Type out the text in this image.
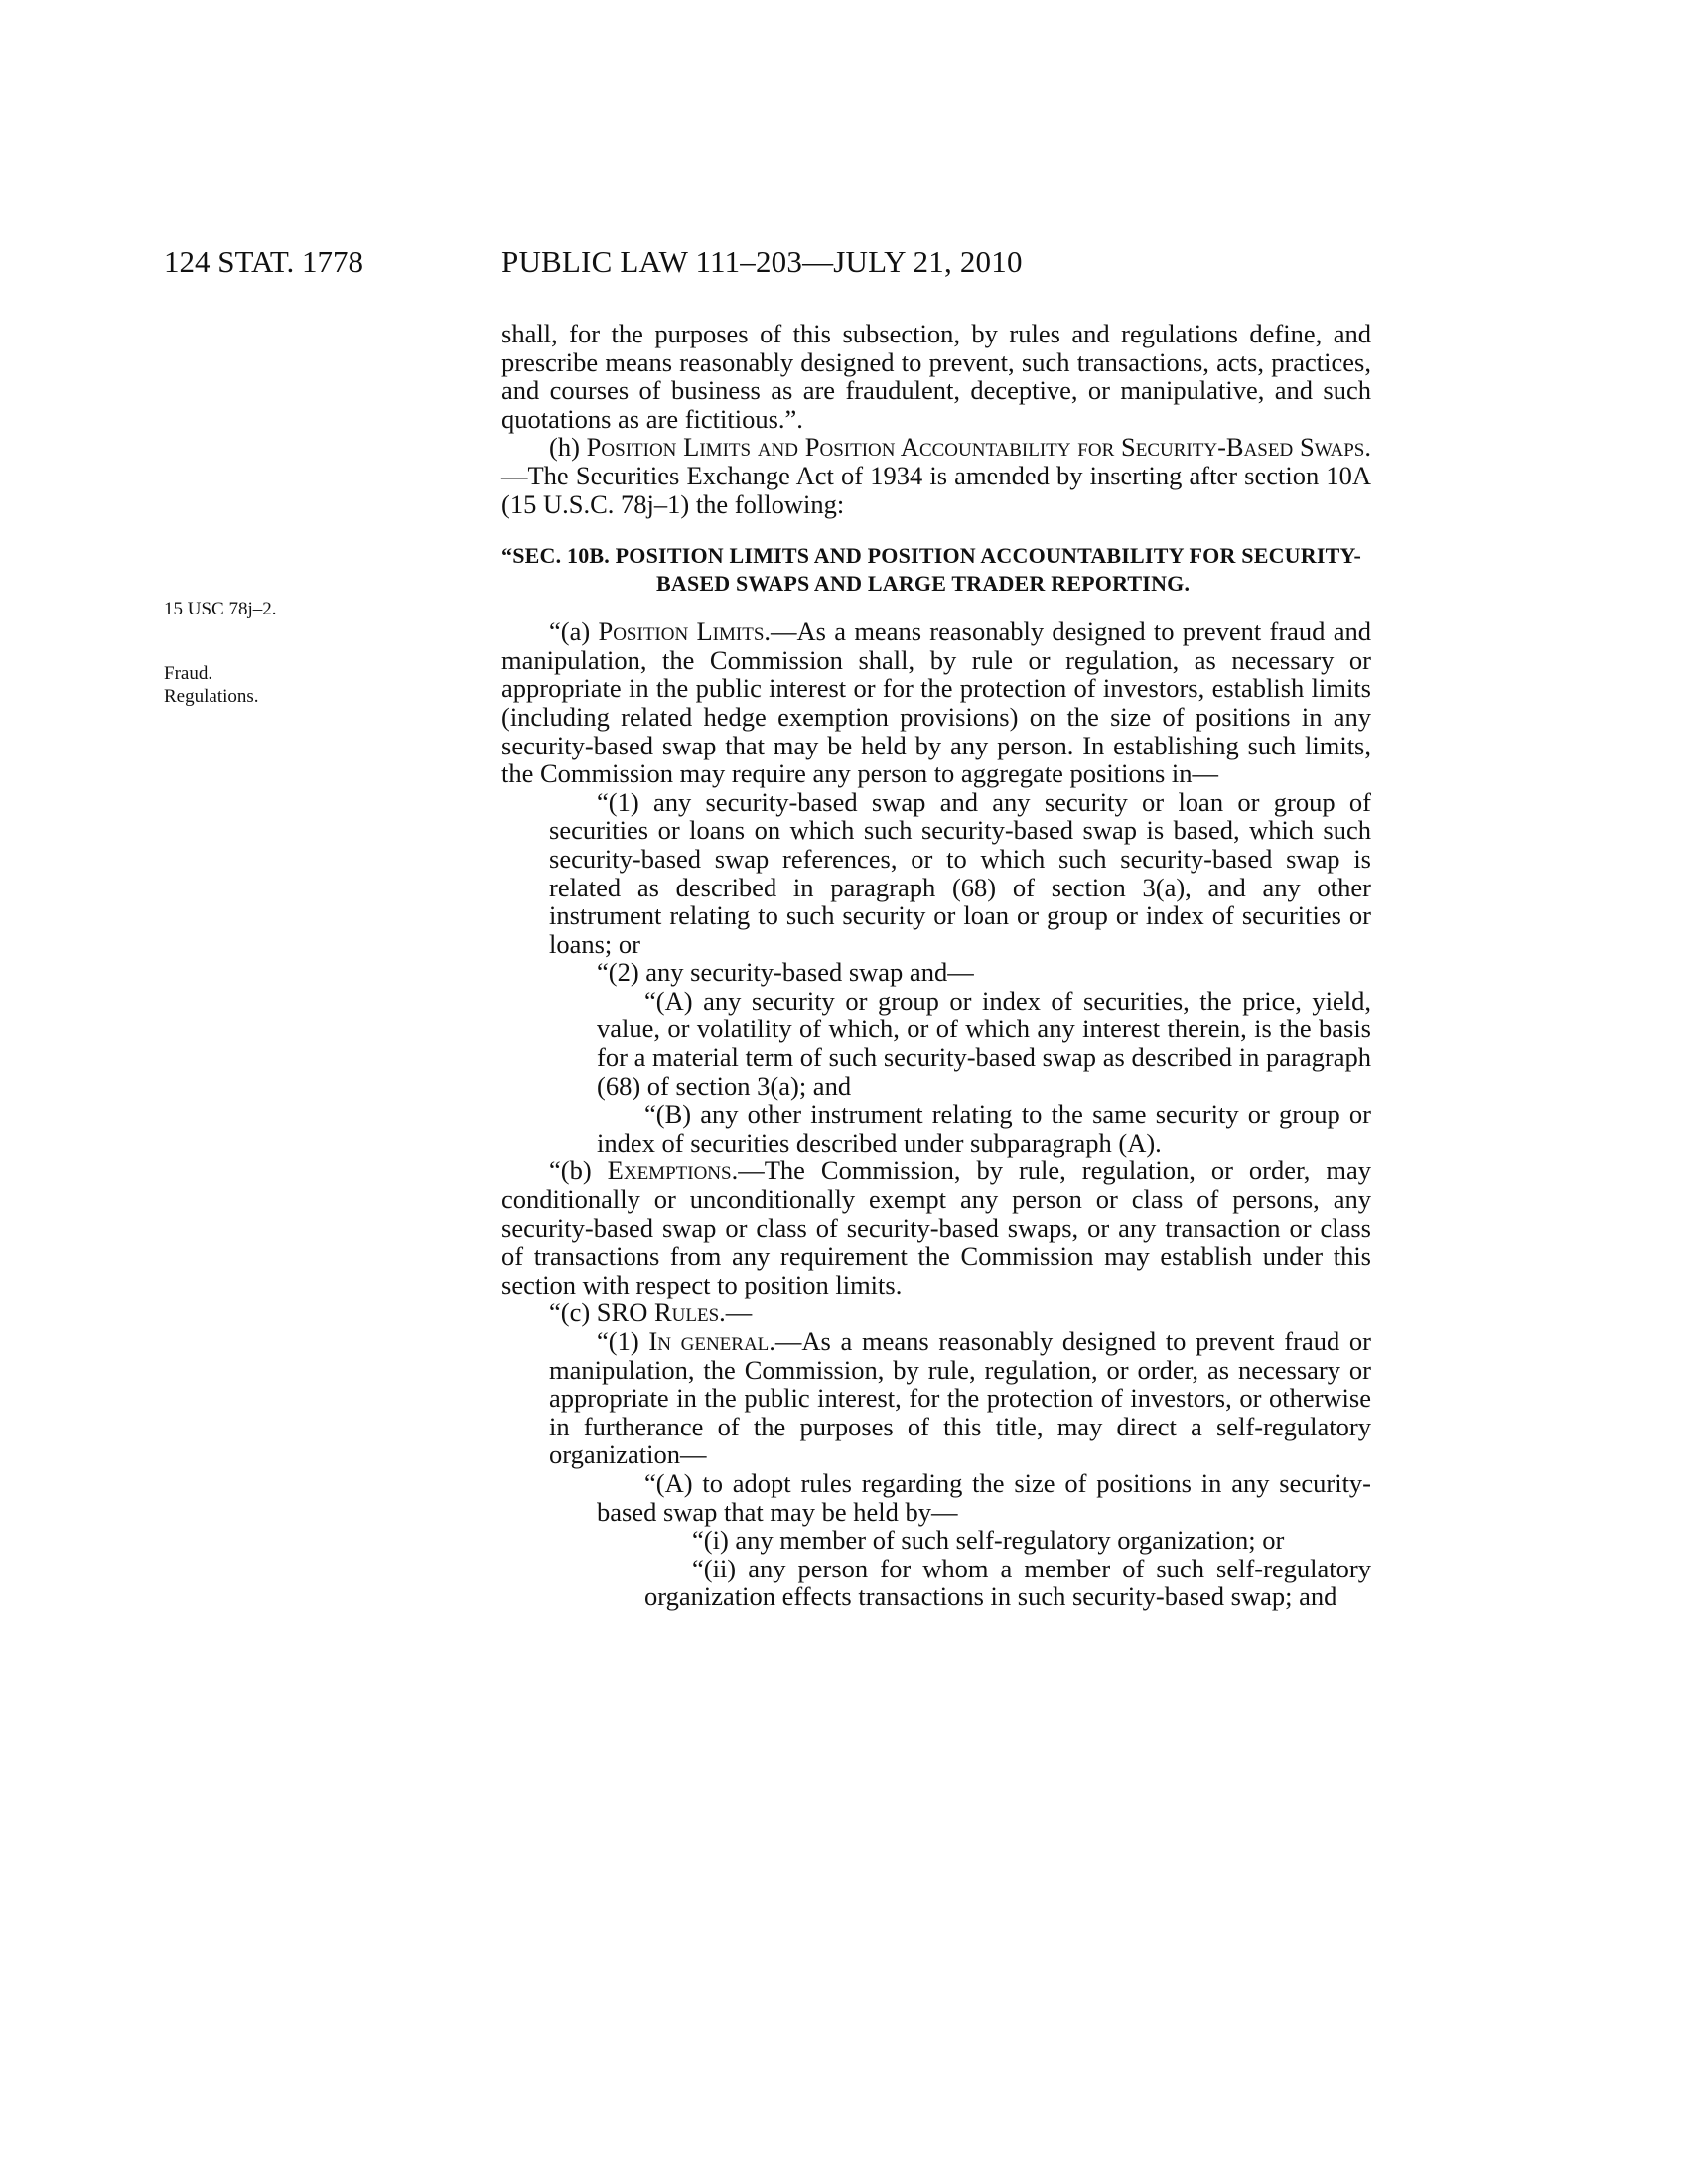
124 STAT. 1778	PUBLIC LAW 111–203—JULY 21, 2010
15 USC 78j–2.
Fraud.
Regulations.

shall, for the purposes of this subsection, by rules and regulations define, and prescribe means reasonably designed to prevent, such transactions, acts, practices, and courses of business as are fraudulent, deceptive, or manipulative, and such quotations as are fictitious.”.

(h) Position Limits and Position Accountability for Security-Based Swaps.—The Securities Exchange Act of 1934 is amended by inserting after section 10A (15 U.S.C. 78j–1) the following:

“SEC. 10B. POSITION LIMITS AND POSITION ACCOUNTABILITY FOR SECURITY-BASED SWAPS AND LARGE TRADER REPORTING.

“(a) Position Limits.—As a means reasonably designed to prevent fraud and manipulation, the Commission shall, by rule or regulation, as necessary or appropriate in the public interest or for the protection of investors, establish limits (including related hedge exemption provisions) on the size of positions in any security-based swap that may be held by any person. In establishing such limits, the Commission may require any person to aggregate positions in—

“(1) any security-based swap and any security or loan or group of securities or loans on which such security-based swap is based, which such security-based swap references, or to which such security-based swap is related as described in paragraph (68) of section 3(a), and any other instrument relating to such security or loan or group or index of securities or loans; or

“(2) any security-based swap and—

“(A) any security or group or index of securities, the price, yield, value, or volatility of which, or of which any interest therein, is the basis for a material term of such security-based swap as described in paragraph (68) of section 3(a); and

“(B) any other instrument relating to the same security or group or index of securities described under subparagraph (A).

“(b) Exemptions.—The Commission, by rule, regulation, or order, may conditionally or unconditionally exempt any person or class of persons, any security-based swap or class of security-based swaps, or any transaction or class of transactions from any requirement the Commission may establish under this section with respect to position limits.

“(c) SRO Rules.—

“(1) In general.—As a means reasonably designed to prevent fraud or manipulation, the Commission, by rule, regulation, or order, as necessary or appropriate in the public interest, for the protection of investors, or otherwise in furtherance of the purposes of this title, may direct a self-regulatory organization—

“(A) to adopt rules regarding the size of positions in any security-based swap that may be held by—

“(i) any member of such self-regulatory organization; or

“(ii) any person for whom a member of such self-regulatory organization effects transactions in such security-based swap; and
